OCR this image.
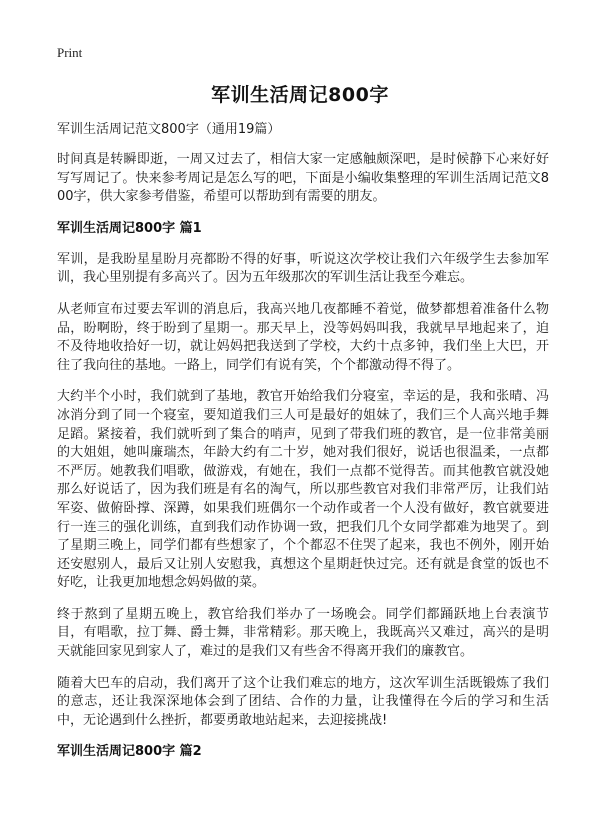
Print
军训生活周记800字

军训生活周记范文800字（通用19篇）

时间真是转瞬即逝，一周又过去了，相信大家一定感触颇深吧，是时候静下心来好好写写周记了。快来参考周记是怎么写的吧，下面是小编收集整理的军训生活周记范文800字，供大家参考借鉴，希望可以帮助到有需要的朋友。

军训生活周记800字 篇1

军训，是我盼星星盼月亮都盼不得的好事，听说这次学校让我们六年级学生去参加军训，我心里别提有多高兴了。因为五年级那次的军训生活让我至今难忘。

从老师宣布过要去军训的消息后，我高兴地几夜都睡不着觉，做梦都想着准备什么物品，盼啊盼，终于盼到了星期一。那天早上，没等妈妈叫我，我就早早地起来了，迫不及待地收拾好一切，就让妈妈把我送到了学校，大约十点多钟，我们坐上大巴，开往了我向往的基地。一路上，同学们有说有笑，个个都激动得不得了。

大约半个小时，我们就到了基地，教官开始给我们分寝室，幸运的是，我和张晴、冯冰消分到了同一个寝室，要知道我们三人可是最好的姐妹了，我们三个人高兴地手舞足蹈。紧接着，我们就听到了集合的哨声，见到了带我们班的教官，是一位非常美丽的大姐姐，她叫廉瑞杰，年龄大约有二十岁，她对我们很好，说话也很温柔，一点都不严厉。她教我们唱歌，做游戏，有她在，我们一点都不觉得苦。而其他教官就没她那么好说话了，因为我们班是有名的淘气，所以那些教官对我们非常严厉，让我们站军姿、做俯卧撑、深蹲，如果我们班偶尔一个动作或者一个人没有做好，教官就要进行一连三的强化训练，直到我们动作协调一致，把我们几个女同学都难为地哭了。到了星期三晚上，同学们都有些想家了，个个都忍不住哭了起来，我也不例外，刚开始还安慰别人，最后又让别人安慰我，真想这个星期赶快过完。还有就是食堂的饭也不好吃，让我更加地想念妈妈做的菜。

终于熬到了星期五晚上，教官给我们举办了一场晚会。同学们都踊跃地上台表演节目，有唱歌，拉丁舞、爵士舞，非常精彩。那天晚上，我既高兴又难过，高兴的是明天就能回家见到家人了，难过的是我们又有些舍不得离开我们的廉教官。

随着大巴车的启动，我们离开了这个让我们难忘的地方，这次军训生活既锻炼了我们的意志，还让我深深地体会到了团结、合作的力量，让我懂得在今后的学习和生活中，无论遇到什么挫折，都要勇敢地站起来，去迎接挑战!

军训生活周记800字 篇2
